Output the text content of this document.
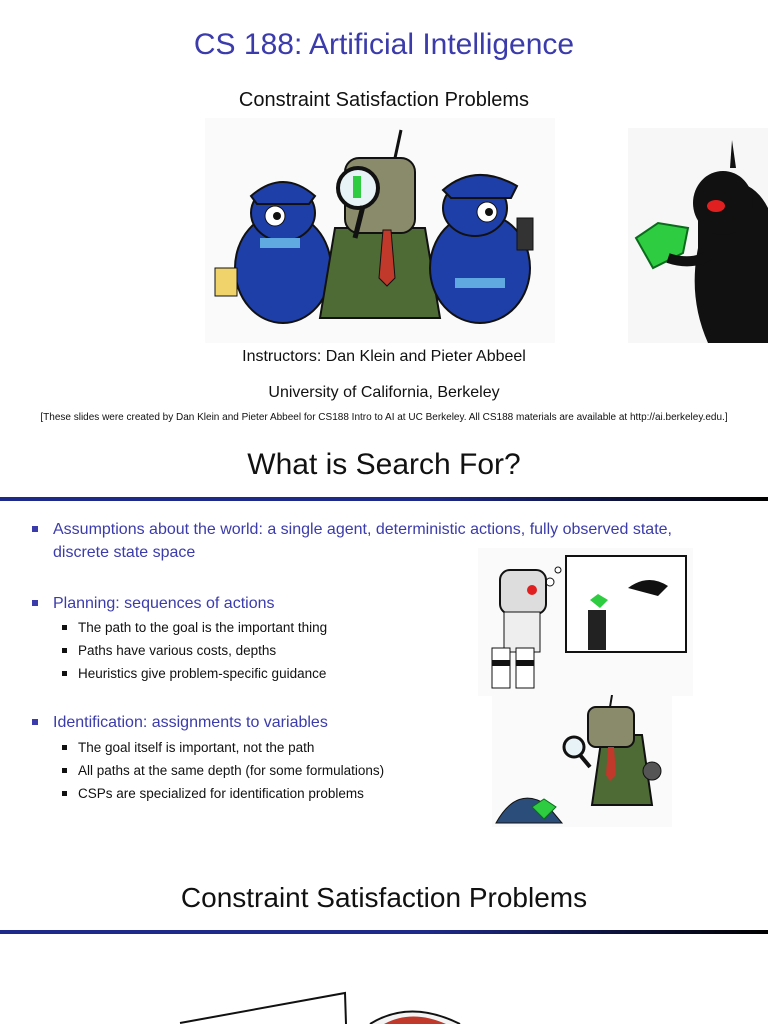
CS 188: Artificial Intelligence
Constraint Satisfaction Problems
Instructors: Dan Klein and Pieter Abbeel
University of California, Berkeley
[These slides were created by Dan Klein and Pieter Abbeel for CS188 Intro to AI at UC Berkeley. All CS188 materials are available at http://ai.berkeley.edu.]
What is Search For?
Assumptions about the world: a single agent, deterministic actions, fully observed state, discrete state space
Planning: sequences of actions
The path to the goal is the important thing
Paths have various costs, depths
Heuristics give problem-specific guidance
Identification: assignments to variables
The goal itself is important, not the path
All paths at the same depth (for some formulations)
CSPs are specialized for identification problems
Constraint Satisfaction Problems
